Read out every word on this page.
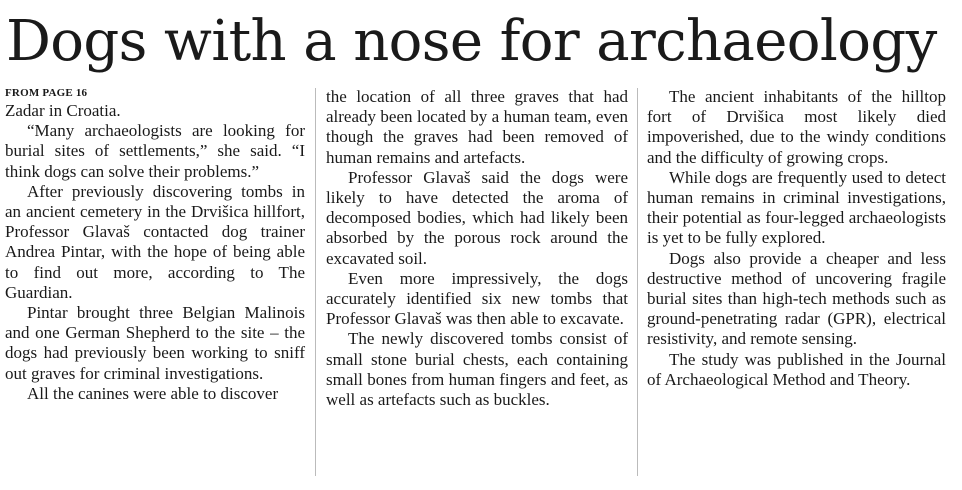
Dogs with a nose for archaeology
FROM PAGE 16

Zadar in Croatia.

“Many archaeologists are looking for burial sites of settlements,” she said. “I think dogs can solve their problems.”

After previously discovering tombs in an ancient cemetery in the Drvišica hillfort, Professor Glavaš contacted dog trainer Andrea Pintar, with the hope of being able to find out more, according to The Guardian.

Pintar brought three Belgian Malinois and one German Shepherd to the site – the dogs had previously been working to sniff out graves for criminal investigations.

All the canines were able to discover

the location of all three graves that had already been located by a human team, even though the graves had been removed of human remains and artefacts.

Professor Glavaš said the dogs were likely to have detected the aroma of decomposed bodies, which had likely been absorbed by the porous rock around the excavated soil.

Even more impressively, the dogs accurately identified six new tombs that Professor Glavaš was then able to excavate.

The newly discovered tombs consist of small stone burial chests, each containing small bones from human fingers and feet, as well as artefacts such as buckles.

The ancient inhabitants of the hilltop fort of Drvišica most likely died impoverished, due to the windy conditions and the difficulty of growing crops.

While dogs are frequently used to detect human remains in criminal investigations, their potential as four-legged archaeologists is yet to be fully explored.

Dogs also provide a cheaper and less destructive method of uncovering fragile burial sites than high-tech methods such as ground-penetrating radar (GPR), electrical resistivity, and remote sensing.

The study was published in the Journal of Archaeological Method and Theory.
